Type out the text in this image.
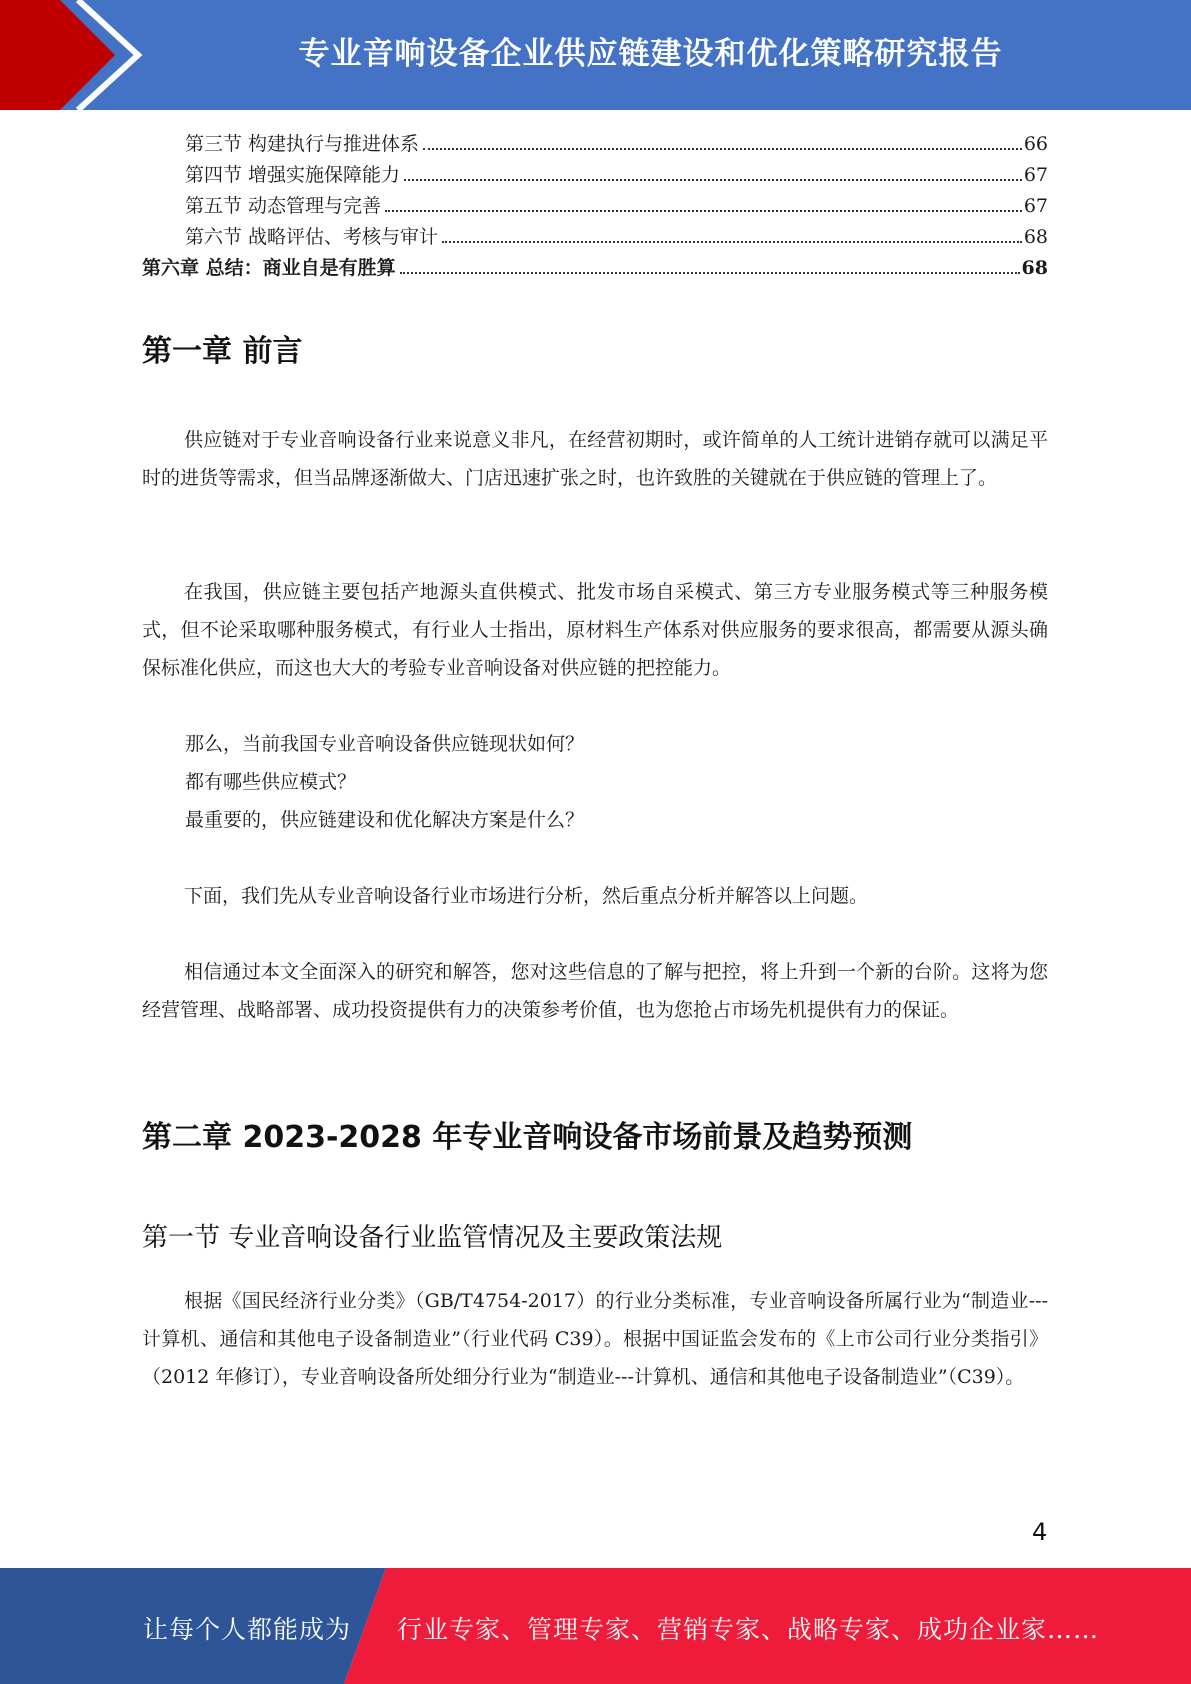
专业音响设备企业供应链建设和优化策略研究报告
第三节 构建执行与推进体系	66
第四节 增强实施保障能力	67
第五节 动态管理与完善	67
第六节 战略评估、考核与审计	68
第六章 总结：商业自是有胜算	68
第一章 前言

供应链对于专业音响设备行业来说意义非凡，在经营初期时，或许简单的人工统计进销存就可以满足平时的进货等需求，但当品牌逐渐做大、门店迅速扩张之时，也许致胜的关键就在于供应链的管理上了。

在我国，供应链主要包括产地源头直供模式、批发市场自采模式、第三方专业服务模式等三种服务模式，但不论采取哪种服务模式，有行业人士指出，原材料生产体系对供应服务的要求很高，都需要从源头确保标准化供应，而这也大大的考验专业音响设备对供应链的把控能力。

那么，当前我国专业音响设备供应链现状如何？
都有哪些供应模式？
最重要的，供应链建设和优化解决方案是什么？

下面，我们先从专业音响设备行业市场进行分析，然后重点分析并解答以上问题。

相信通过本文全面深入的研究和解答，您对这些信息的了解与把控，将上升到一个新的台阶。这将为您经营管理、战略部署、成功投资提供有力的决策参考价值，也为您抢占市场先机提供有力的保证。

第二章 2023-2028 年专业音响设备市场前景及趋势预测
第一节 专业音响设备行业监管情况及主要政策法规

根据《国民经济行业分类》（GB/T4754-2017）的行业分类标准，专业音响设备所属行业为“制造业---计算机、通信和其他电子设备制造业”（行业代码 C39）。根据中国证监会发布的《上市公司行业分类指引》（2012 年修订），专业音响设备所处细分行业为“制造业---计算机、通信和其他电子设备制造业”（C39）。

4
让每个人都能成为 行业专家、管理专家、营销专家、战略专家、成功企业家……
